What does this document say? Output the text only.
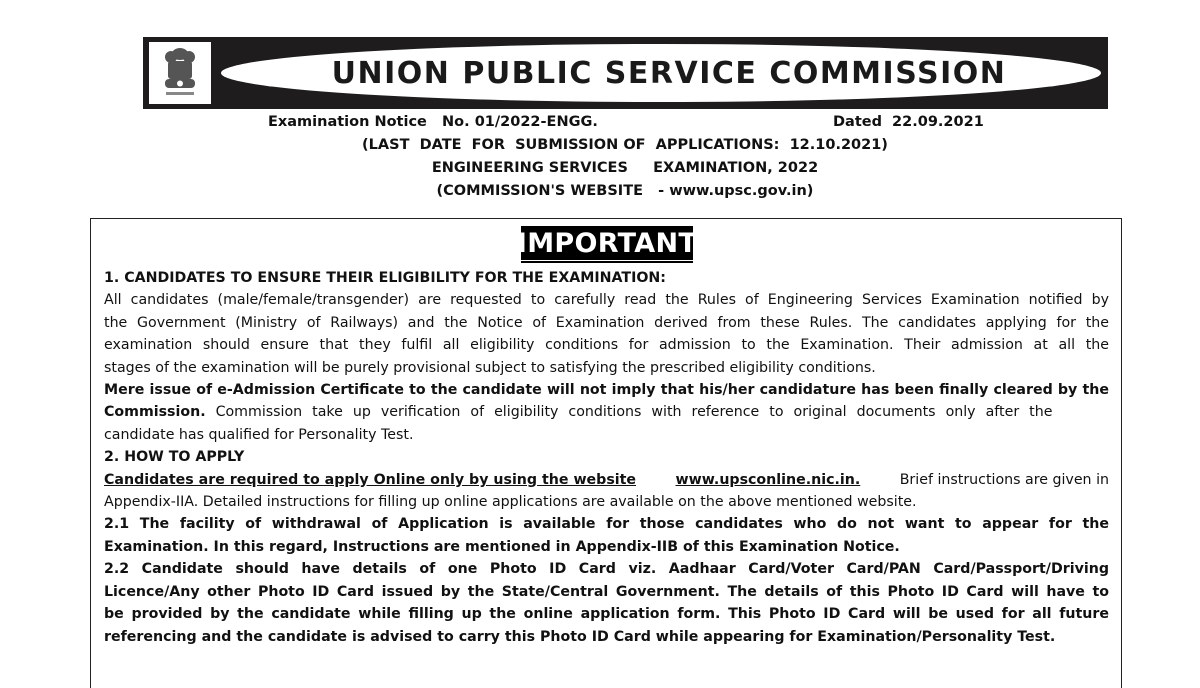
UNION PUBLIC SERVICE COMMISSION
Examination Notice   No. 01/2022-ENGG.	Dated  22.09.2021
(LAST  DATE  FOR  SUBMISSION OF  APPLICATIONS:  12.10.2021)
ENGINEERING SERVICES     EXAMINATION, 2022
(COMMISSION'S WEBSITE   - www.upsc.gov.in)
IMPORTANT
1. CANDIDATES TO ENSURE THEIR ELIGIBILITY FOR THE EXAMINATION:
All candidates (male/female/transgender) are requested to carefully read the Rules of Engineering Services Examination notified by
the Government (Ministry of Railways) and the Notice of Examination derived from these Rules. The candidates applying for the
examination should ensure that they fulfil all eligibility conditions for admission to the Examination. Their admission at all the
stages of the examination will be purely provisional subject to satisfying the prescribed eligibility conditions.
Mere issue of e-Admission Certificate to the candidate will not imply that his/her candidature has been finally cleared by the
Commission. Commission take up verification of eligibility conditions with reference to original documents only after the
candidate has qualified for Personality Test.
2. HOW TO APPLY
Candidates are required to apply Online only by using the website	www.upsconline.nic.in.	Brief instructions are given in
Appendix-IIA. Detailed instructions for filling up online applications are available on the above mentioned website.
2.1 The facility of withdrawal of Application is available for those candidates who do not want to appear for the
Examination. In this regard, Instructions are mentioned in Appendix-IIB of this Examination Notice.
2.2 Candidate should have details of one Photo ID Card viz. Aadhaar Card/Voter Card/PAN Card/Passport/Driving
Licence/Any other Photo ID Card issued by the State/Central Government. The details of this Photo ID Card will have to
be provided by the candidate while filling up the online application form. This Photo ID Card will be used for all future
referencing and the candidate is advised to carry this Photo ID Card while appearing for Examination/Personality Test.
